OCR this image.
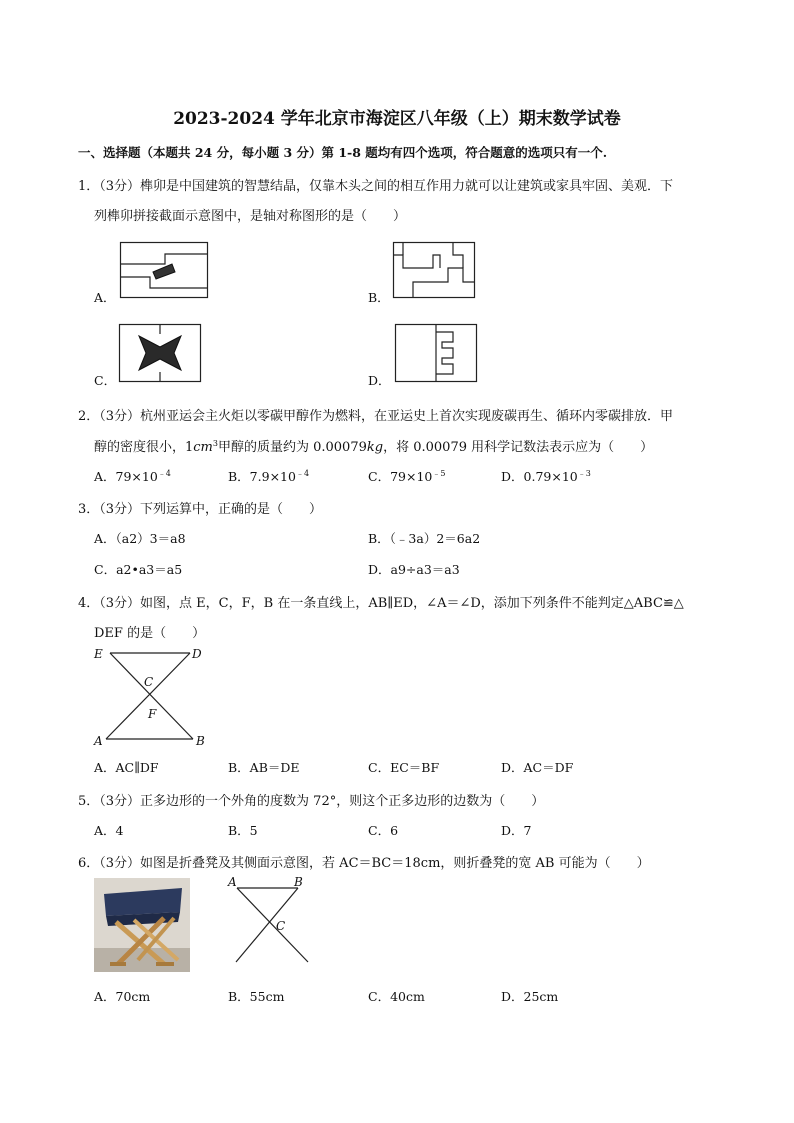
2023-2024 学年北京市海淀区八年级（上）期末数学试卷
一、选择题（本题共 24 分，每小题 3 分）第 1-8 题均有四个选项，符合题意的选项只有一个.
1．（3分）榫卯是中国建筑的智慧结晶，仅靠木头之间的相互作用力就可以让建筑或家具牢固、美观．下
列榫卯拼接截面示意图中，是轴对称图形的是（　　）
A．	B．
C．	D．
2．（3分）杭州亚运会主火炬以零碳甲醇作为燃料，在亚运史上首次实现废碳再生、循环内零碳排放．甲
醇的密度很小，$1cm^3$甲醇的质量约为 0.00079kg，将 0.00079 用科学记数法表示应为（　　）
A．$79\times 10^{﹣4}$	B．$7.9\times 10^{﹣4}$	C．$79\times 10^{﹣5}$	D．$0.79\times 10^{﹣3}$
3．（3分）下列运算中，正确的是（　　）
A．（a2）3＝a8	B．（﹣3a）2＝6a2
C．a2•a3＝a5	D．a9÷a3＝a3
4．（3分）如图，点 E，C，F，B 在一条直线上，AB∥ED，∠A＝∠D，添加下列条件不能判定△ABC≌△
DEF 的是（　　）
E	D
C
F
A	B
A．AC∥DF	B．AB＝DE	C．EC＝BF	D．AC＝DF
5．（3分）正多边形的一个外角的度数为 72°，则这个正多边形的边数为（　　）
A．4	B．5	C．6	D．7
6．（3分）如图是折叠凳及其侧面示意图，若 AC＝BC＝18cm，则折叠凳的宽 AB 可能为（　　）
A	B
C
A．70cm	B．55cm	C．40cm	D．25cm
